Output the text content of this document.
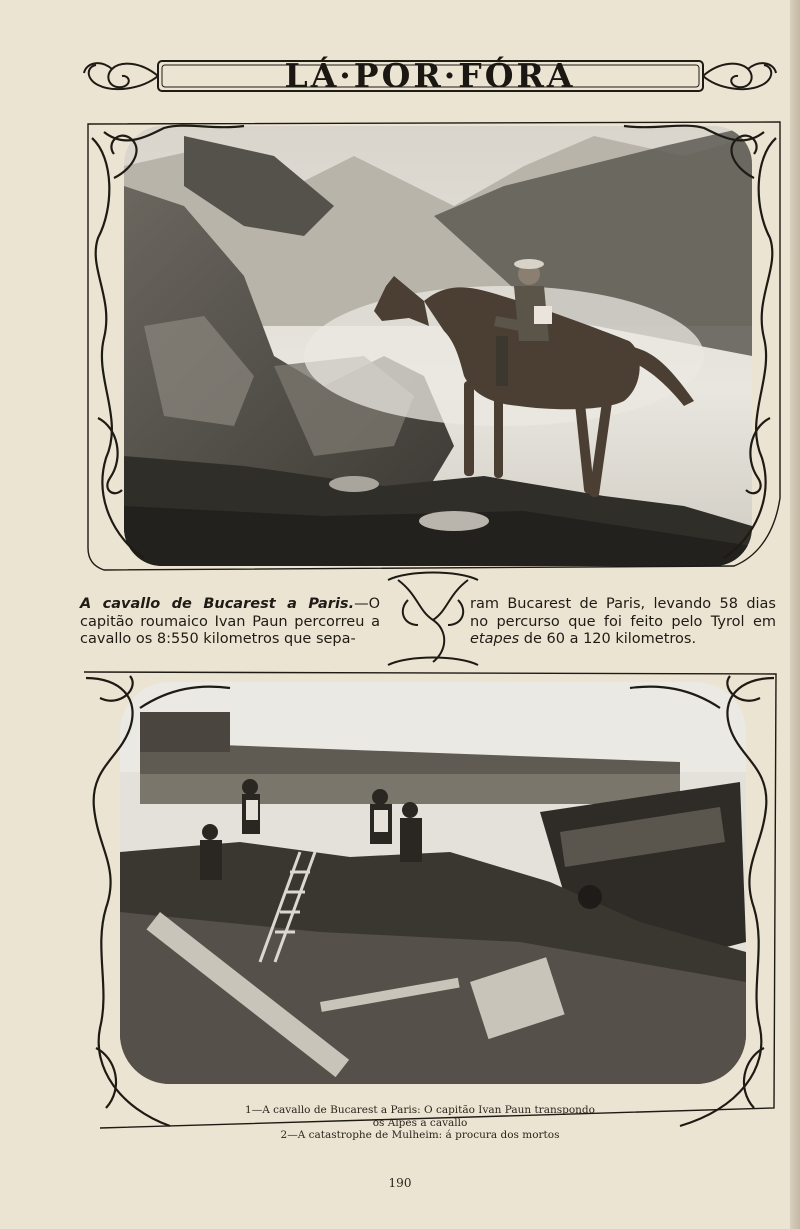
LÁ·POR·FÓRA
A cavallo de Bucarest a Paris.—O capitão roumaico Ivan Paun percorreu a cavallo os 8:550 kilometros que sepa-
ram Bucarest de Paris, levando 58 dias no percurso que foi feito pelo Tyrol em etapes de 60 a 120 kilometros.
1—A cavallo de Bucarest a Paris: O capitão Ivan Paun transpondo
os Alpes a cavallo
2—A catastrophe de Mulheim: á procura dos mortos
190
